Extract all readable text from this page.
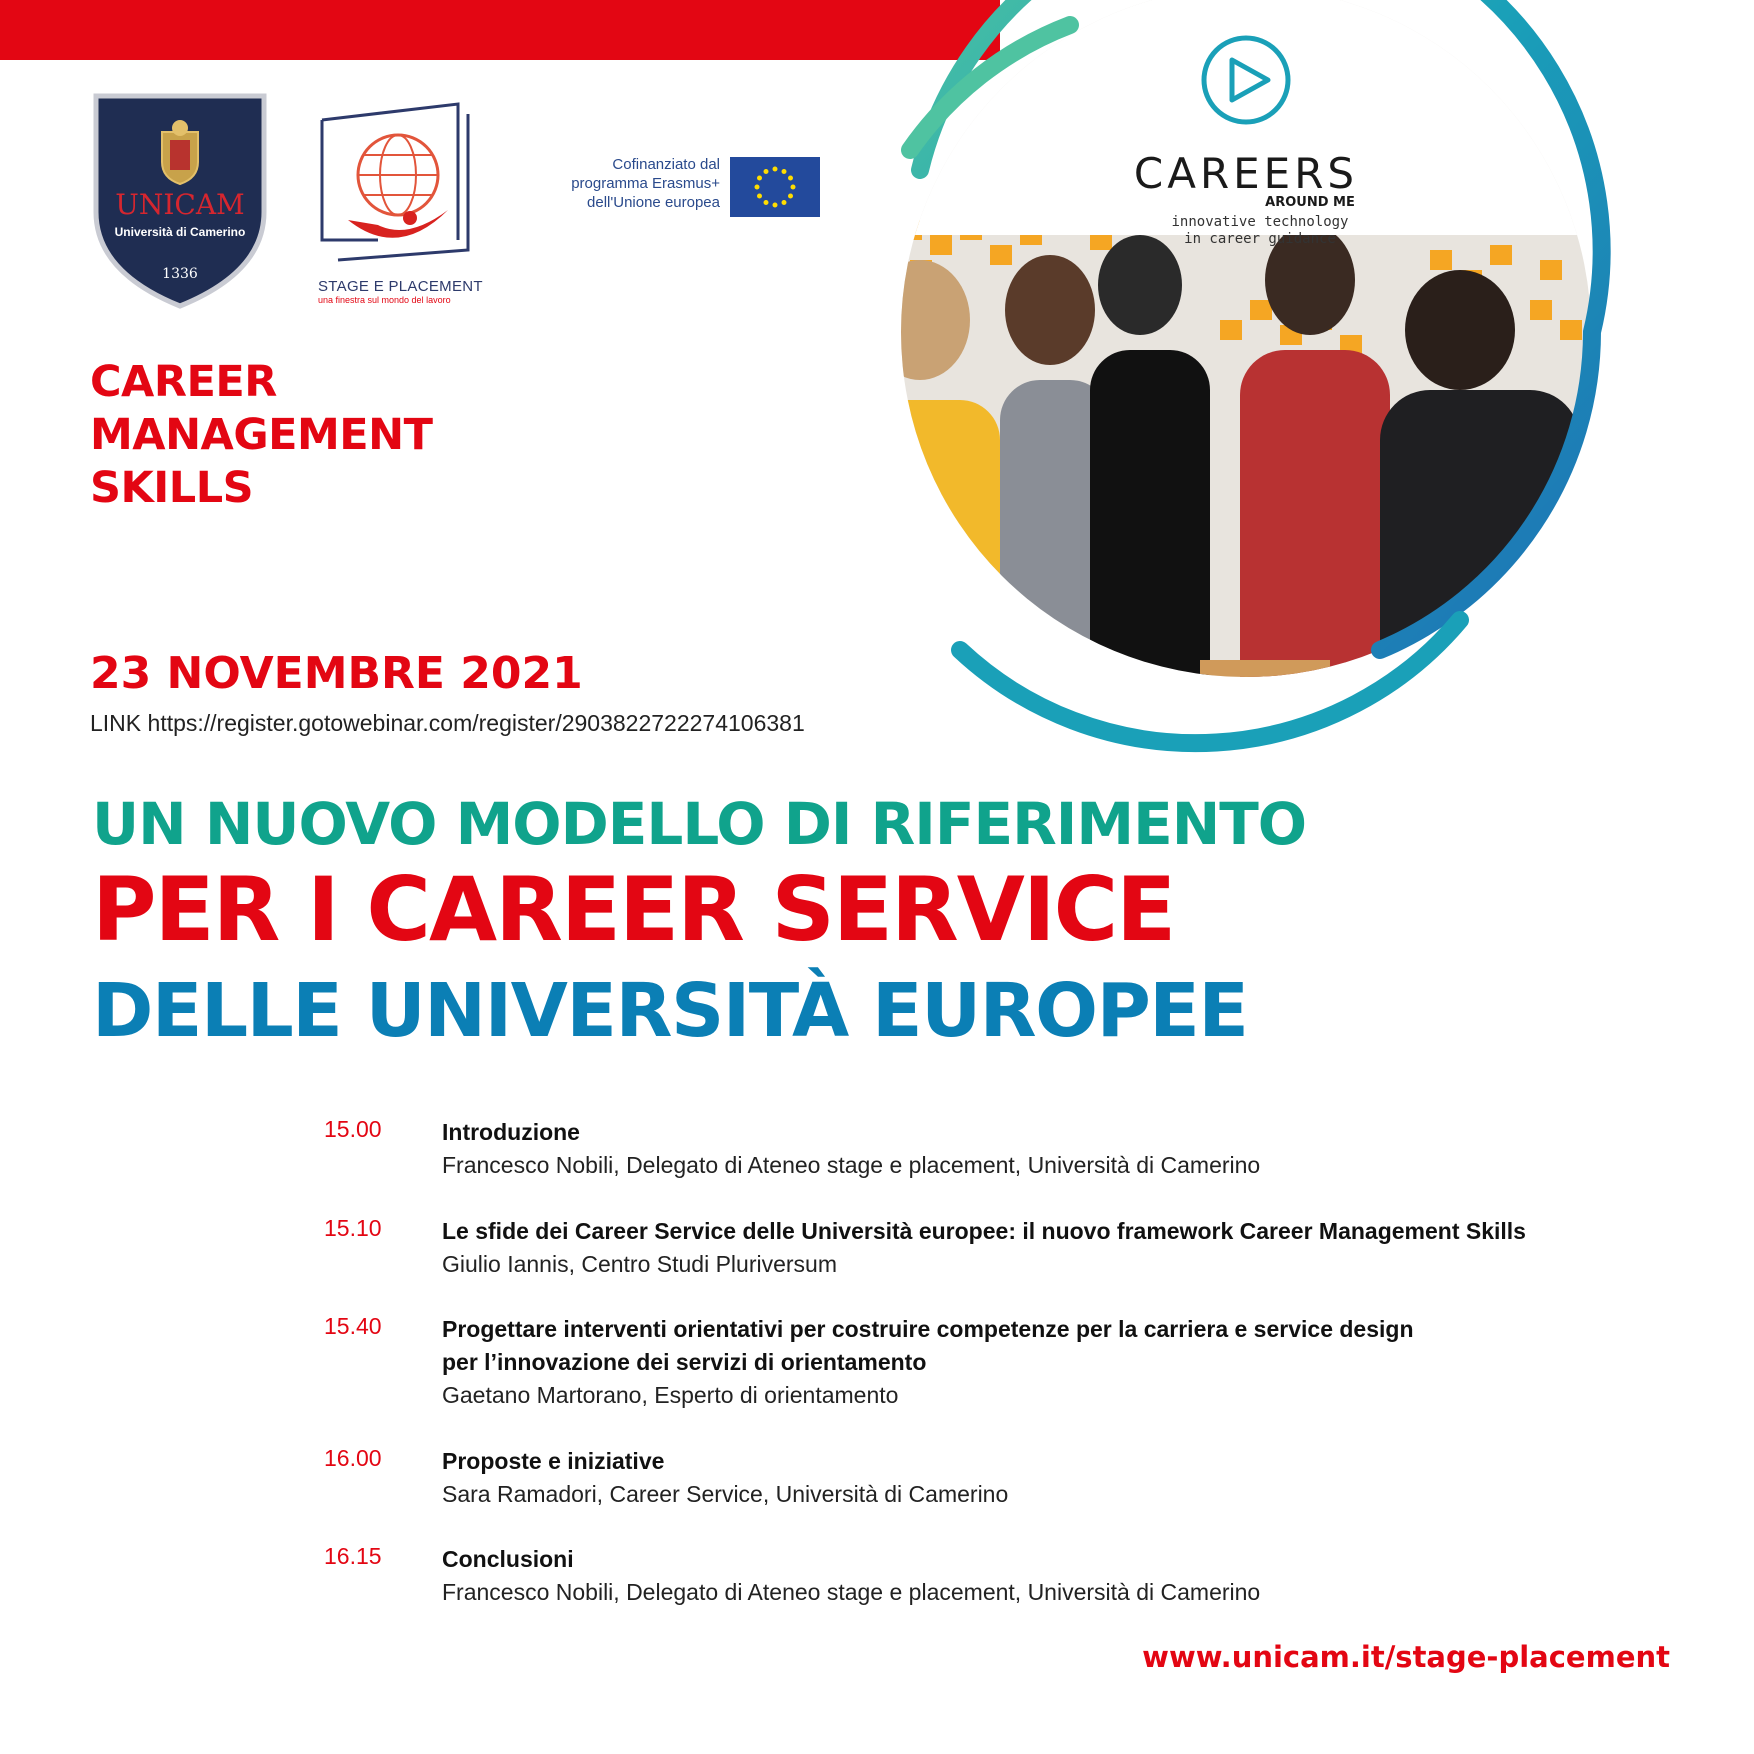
CAREERS
AROUND ME
innovative technology
in career guidance
UNICAM
Università di Camerino
1336
STAGE E PLACEMENT
una finestra sul mondo del lavoro
Cofinanziato dal
programma Erasmus+
dell'Unione europea
CAREER
MANAGEMENT
SKILLS
23 NOVEMBRE 2021
LINK https://register.gotowebinar.com/register/2903822722274106381
UN NUOVO MODELLO DI RIFERIMENTO
PER I CAREER SERVICE
DELLE UNIVERSITÀ EUROPEE
15.00	Introduzione
Francesco Nobili, Delegato di Ateneo stage e placement, Università di Camerino
15.10	Le sfide dei Career Service delle Università europee: il nuovo framework Career Management Skills
Giulio Iannis, Centro Studi Pluriversum
15.40	Progettare interventi orientativi per costruire competenze per la carriera e service design
per l’innovazione dei servizi di orientamento
Gaetano Martorano, Esperto di orientamento
16.00	Proposte e iniziative
Sara Ramadori, Career Service, Università di Camerino
16.15	Conclusioni
Francesco Nobili, Delegato di Ateneo stage e placement, Università di Camerino
www.unicam.it/stage-placement
